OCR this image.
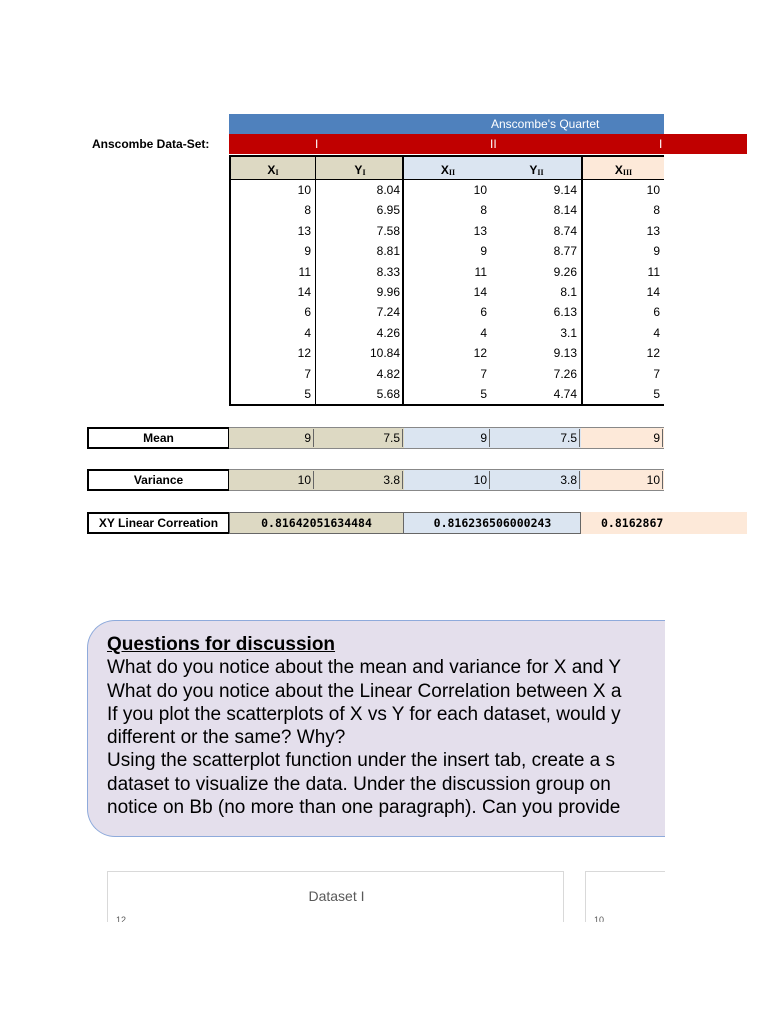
Anscombe Data-Set:
Anscombe's Quartet
I	II	I
XI	YI	XII	YII	XIII
10	8.04	10	9.14	10
8	6.95	8	8.14	8
13	7.58	13	8.74	13
9	8.81	9	8.77	9
11	8.33	11	9.26	11
14	9.96	14	8.1	14
6	7.24	6	6.13	6
4	4.26	4	3.1	4
12	10.84	12	9.13	12
7	4.82	7	7.26	7
5	5.68	5	4.74	5
Mean	9	7.5	9	7.5	9
Variance	10	3.8	10	3.8	10
XY Linear Correation	0.81642051634484	0.816236506000243	0.8162867
Questions for discussion
What do you notice about the mean and variance for X and Y
What do you notice about the Linear Correlation between X a
If you plot the scatterplots of X vs Y for each dataset, would y
different or the same? Why?
Using the scatterplot function under the insert tab, create a s
dataset to visualize the data. Under the discussion group on
notice on Bb (no more than one paragraph). Can you provide
Dataset I
12	10
